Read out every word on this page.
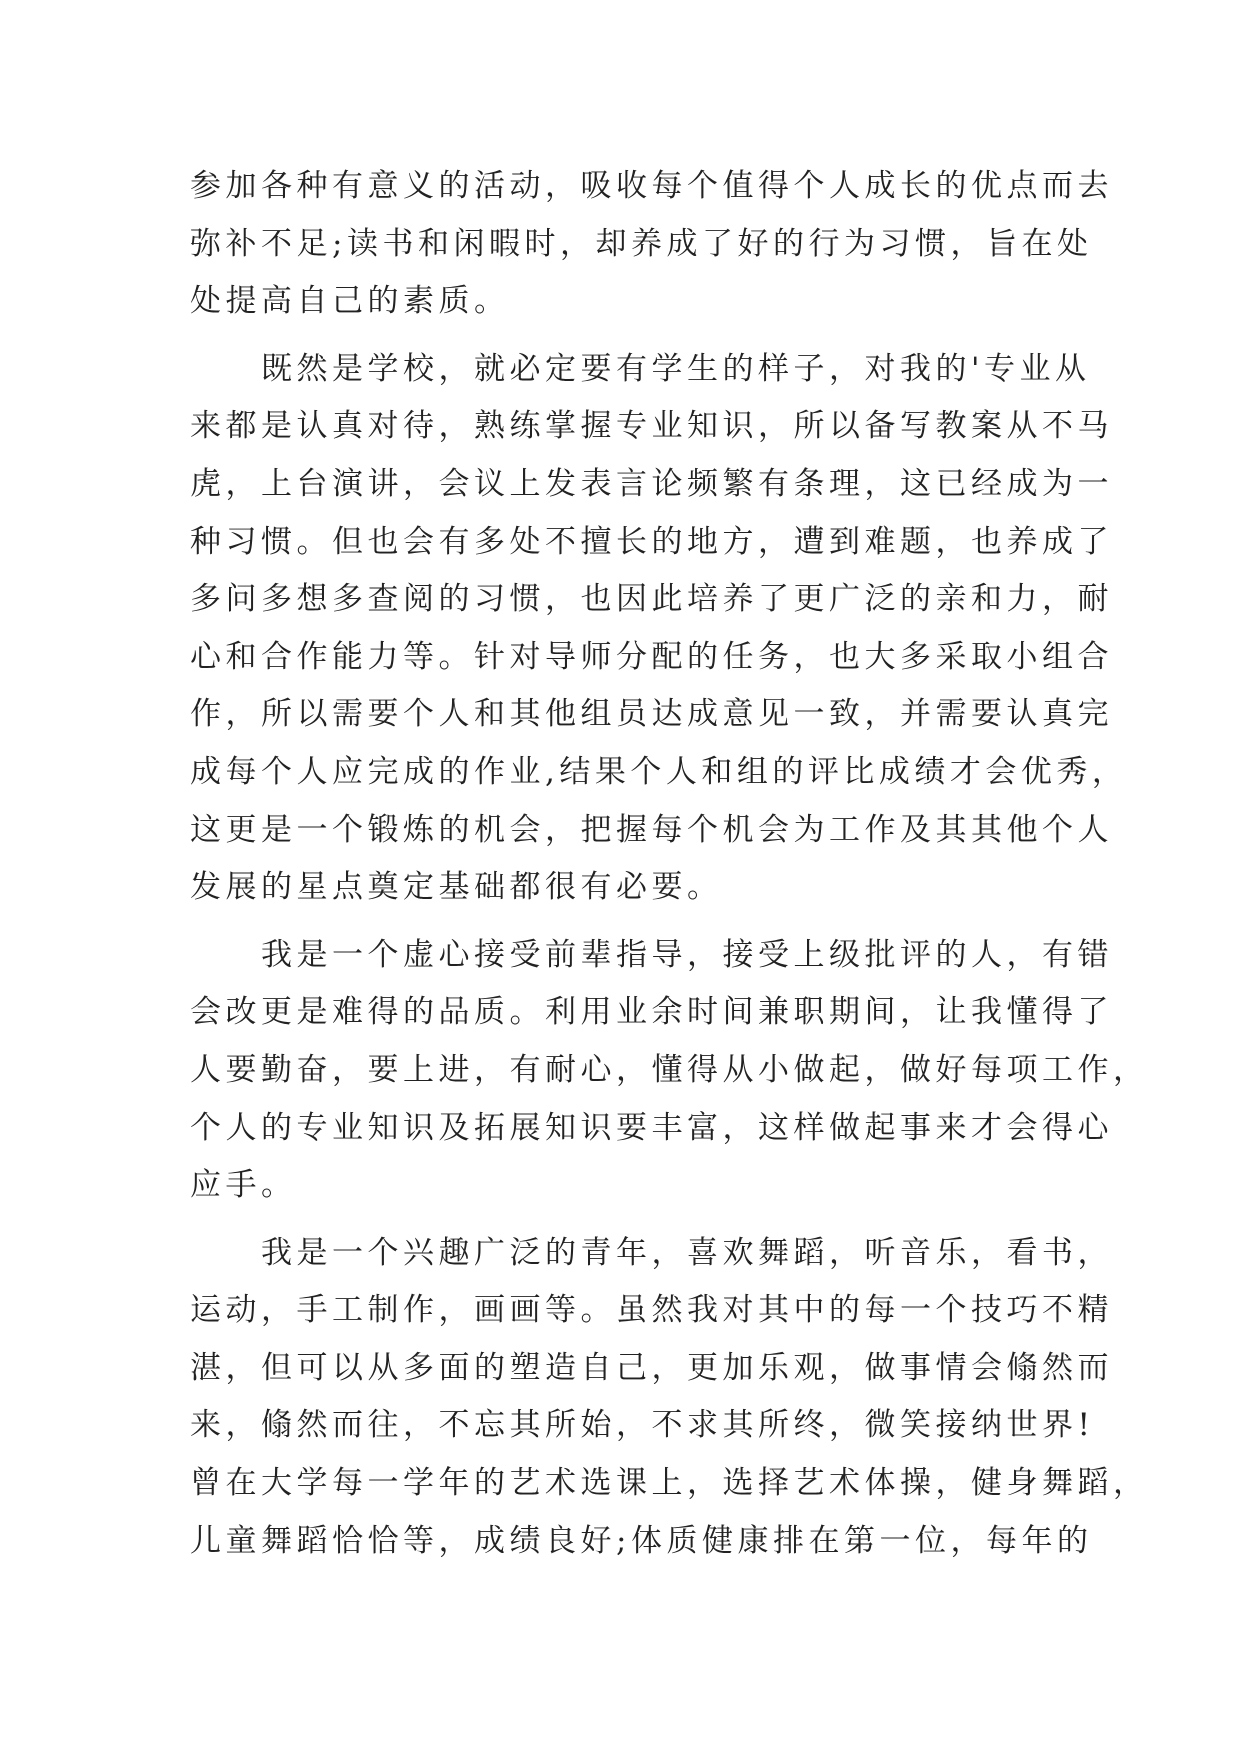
参加各种有意义的活动，吸收每个值得个人成长的优点而去
弥补不足;读书和闲暇时，却养成了好的行为习惯，旨在处
处提高自己的素质。
　　既然是学校，就必定要有学生的样子，对我的'专业从
来都是认真对待，熟练掌握专业知识，所以备写教案从不马
虎，上台演讲，会议上发表言论频繁有条理，这已经成为一
种习惯。但也会有多处不擅长的地方，遭到难题，也养成了
多问多想多查阅的习惯，也因此培养了更广泛的亲和力，耐
心和合作能力等。针对导师分配的任务，也大多采取小组合
作，所以需要个人和其他组员达成意见一致，并需要认真完
成每个人应完成的作业,结果个人和组的评比成绩才会优秀，
这更是一个锻炼的机会，把握每个机会为工作及其其他个人
发展的星点奠定基础都很有必要。
　　我是一个虚心接受前辈指导，接受上级批评的人，有错
会改更是难得的品质。利用业余时间兼职期间，让我懂得了
人要勤奋，要上进，有耐心，懂得从小做起，做好每项工作，
个人的专业知识及拓展知识要丰富，这样做起事来才会得心
应手。
　　我是一个兴趣广泛的青年，喜欢舞蹈，听音乐，看书，
运动，手工制作，画画等。虽然我对其中的每一个技巧不精
湛，但可以从多面的塑造自己，更加乐观，做事情会翛然而
来，翛然而往，不忘其所始，不求其所终，微笑接纳世界!
曾在大学每一学年的艺术选课上，选择艺术体操，健身舞蹈，
儿童舞蹈恰恰等，成绩良好;体质健康排在第一位，每年的
